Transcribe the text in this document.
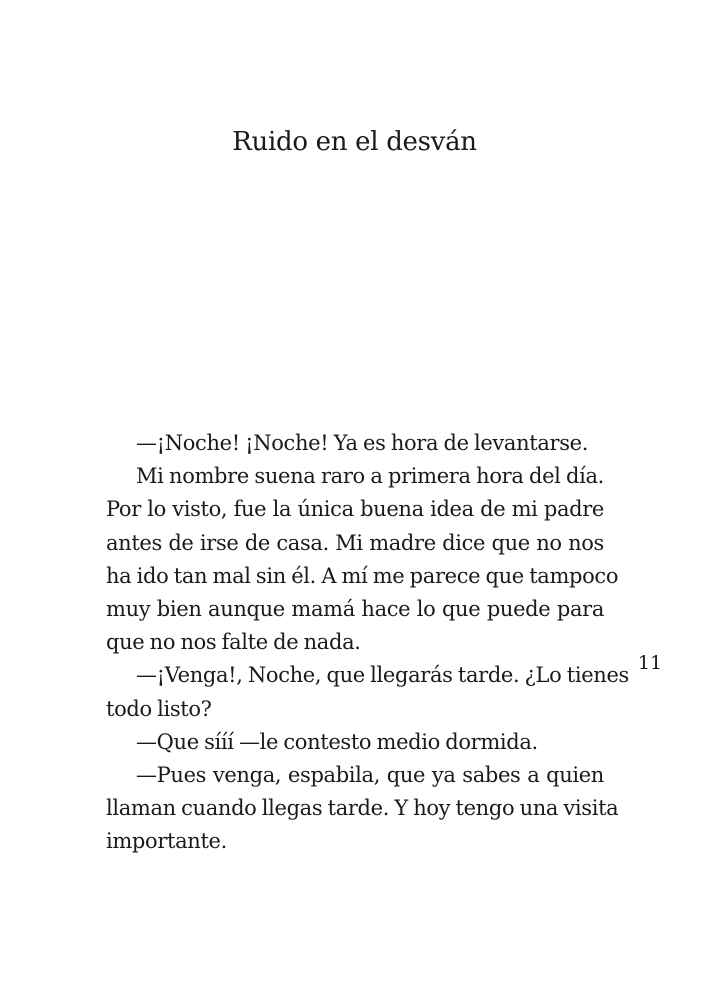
Ruido en el desván
—¡Noche! ¡Noche! Ya es hora de levantarse.
Mi nombre suena raro a primera hora del día.
Por lo visto, fue la única buena idea de mi padre
antes de irse de casa. Mi madre dice que no nos
ha ido tan mal sin él. A mí me parece que tampoco
muy bien aunque mamá hace lo que puede para
que no nos falte de nada.
—¡Venga!, Noche, que llegarás tarde. ¿Lo tienes
todo listo?
—Que sííí —le contesto medio dormida.
—Pues venga, espabila, que ya sabes a quien
llaman cuando llegas tarde. Y hoy tengo una visita
importante.
11
